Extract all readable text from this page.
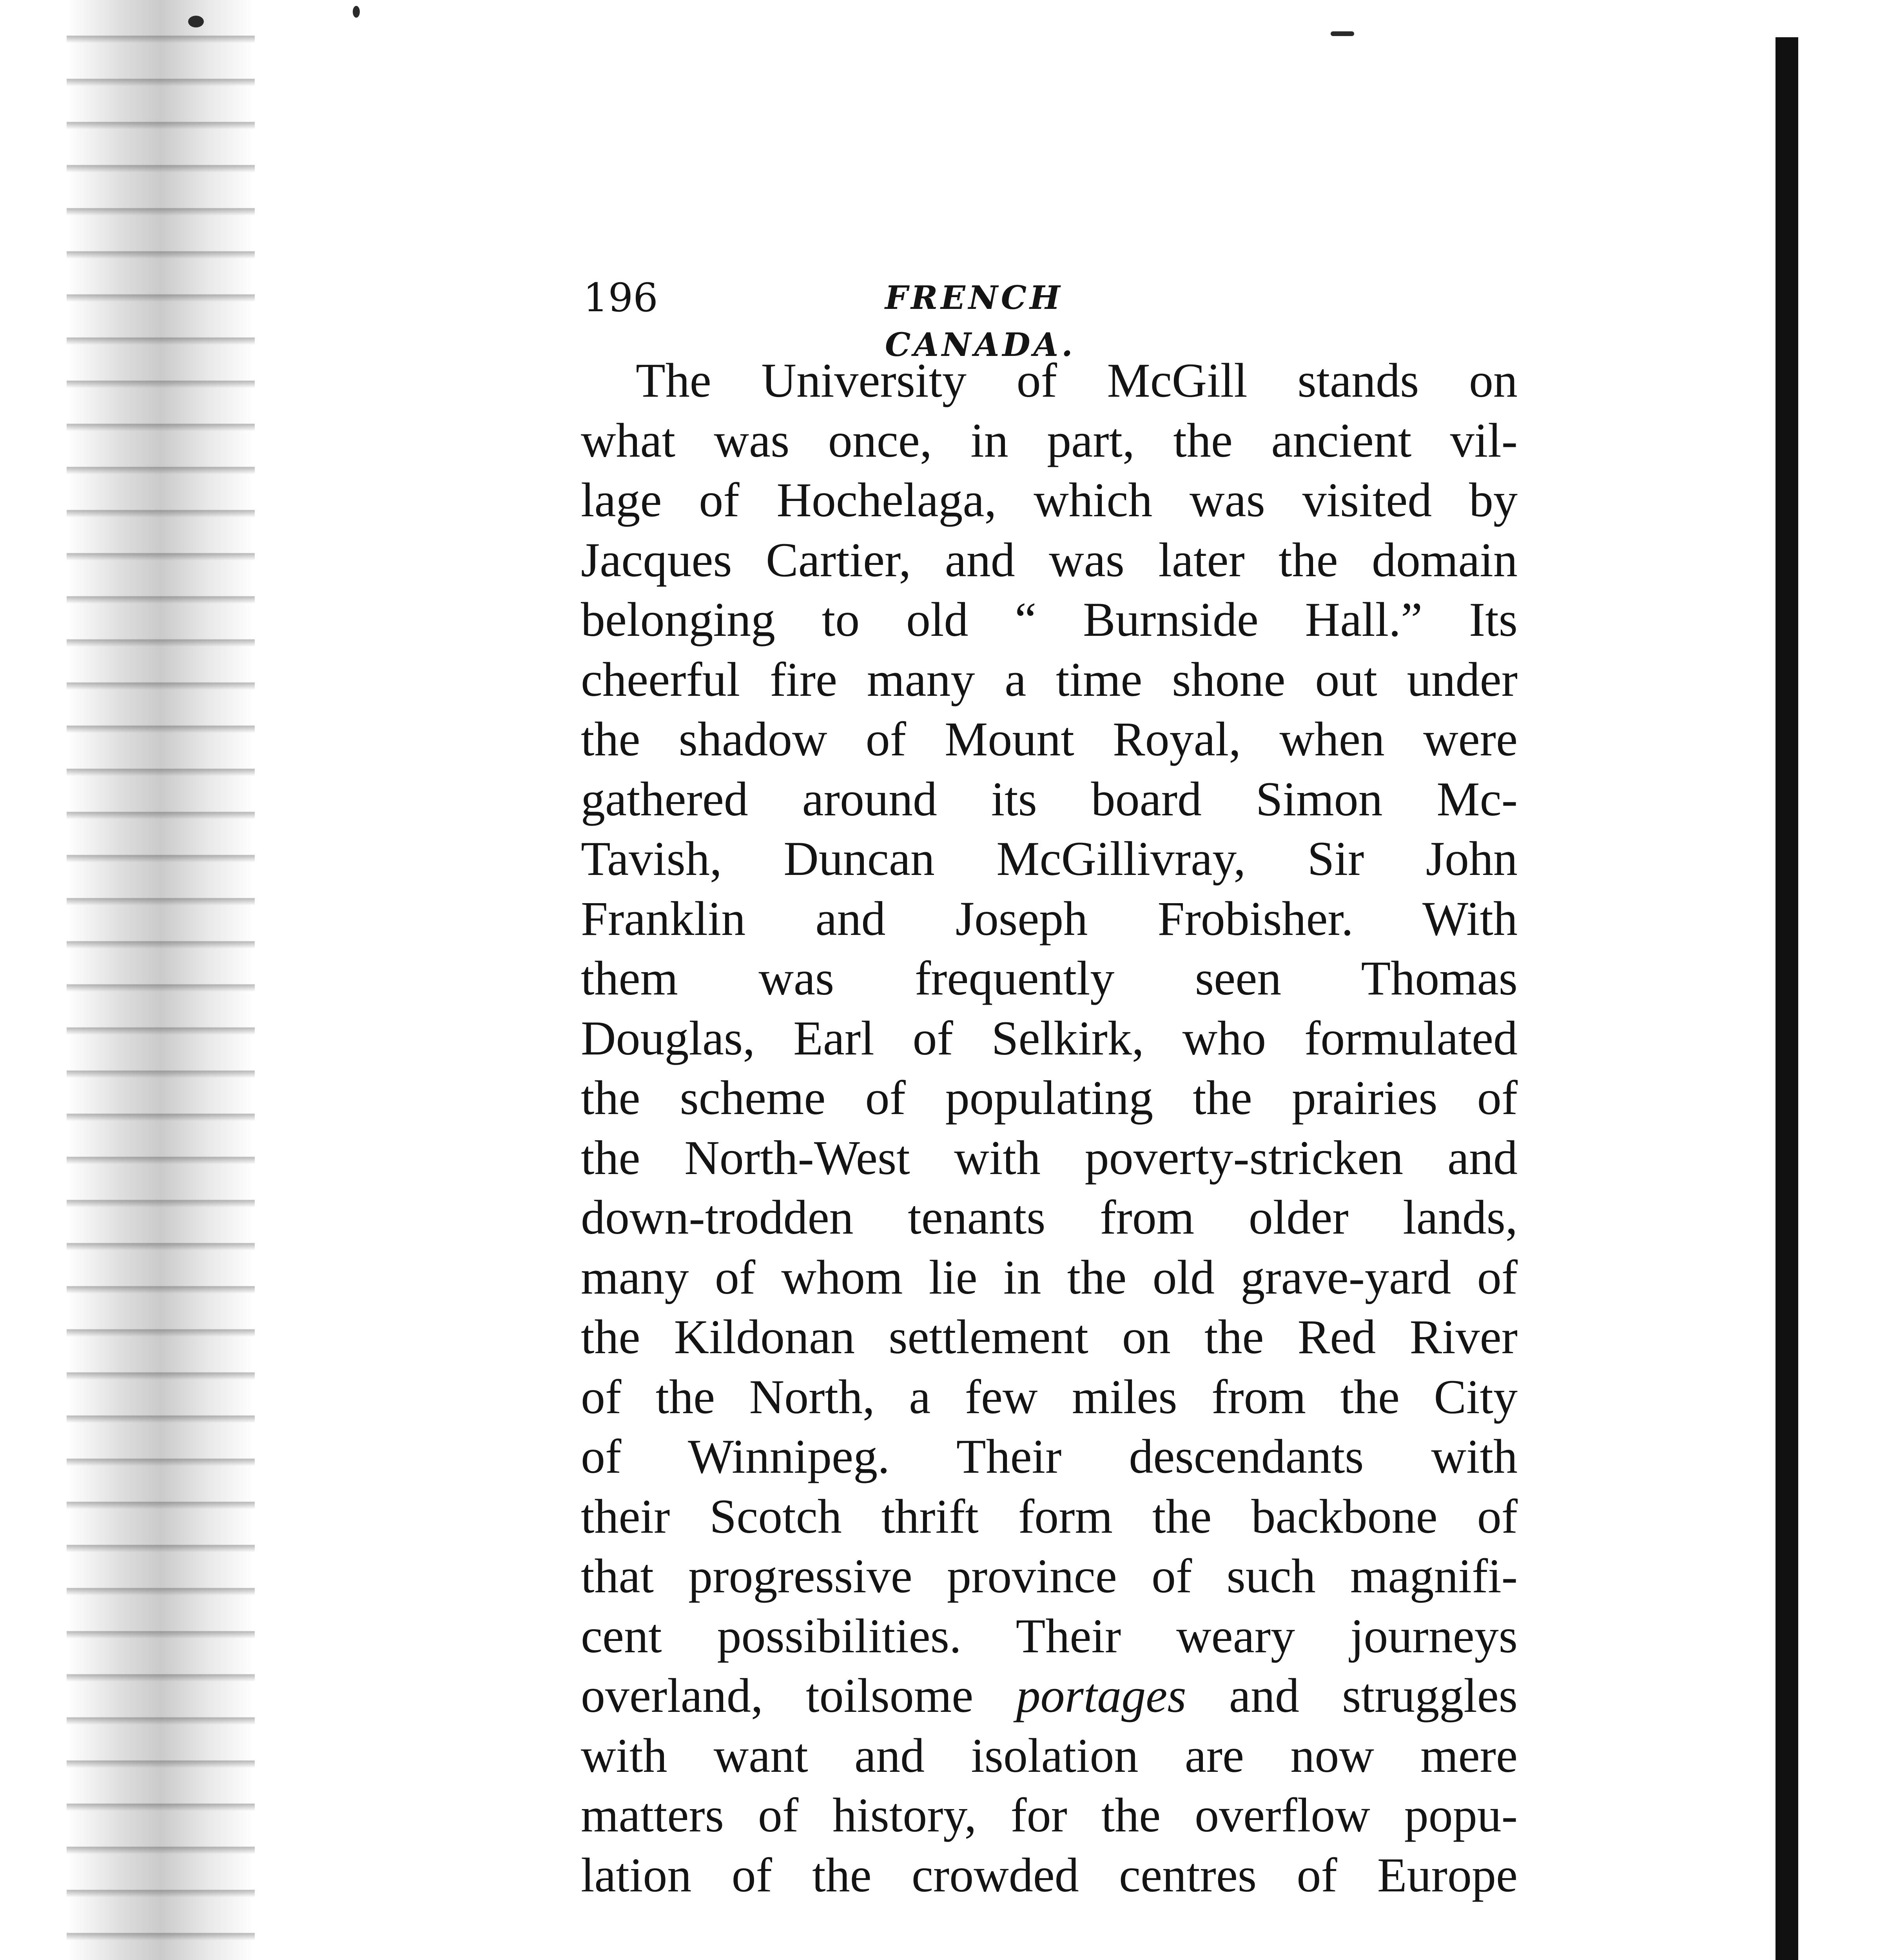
196	FRENCH CANADA.
The University of McGill stands on
what was once, in part, the ancient vil-
lage of Hochelaga, which was visited by
Jacques Cartier, and was later the domain
belonging to old “ Burnside Hall.” Its
cheerful fire many a time shone out under
the shadow of Mount Royal, when were
gathered around its board Simon Mc-
Tavish, Duncan McGillivray, Sir John
Franklin and Joseph Frobisher. With
them was frequently seen Thomas
Douglas, Earl of Selkirk, who formulated
the scheme of populating the prairies of
the North-West with poverty-stricken and
down-trodden tenants from older lands,
many of whom lie in the old grave-yard of
the Kildonan settlement on the Red River
of the North, a few miles from the City
of Winnipeg. Their descendants with
their Scotch thrift form the backbone of
that progressive province of such magnifi-
cent possibilities. Their weary journeys
overland, toilsome portages and struggles
with want and isolation are now mere
matters of history, for the overflow popu-
lation of the crowded centres of Europe
